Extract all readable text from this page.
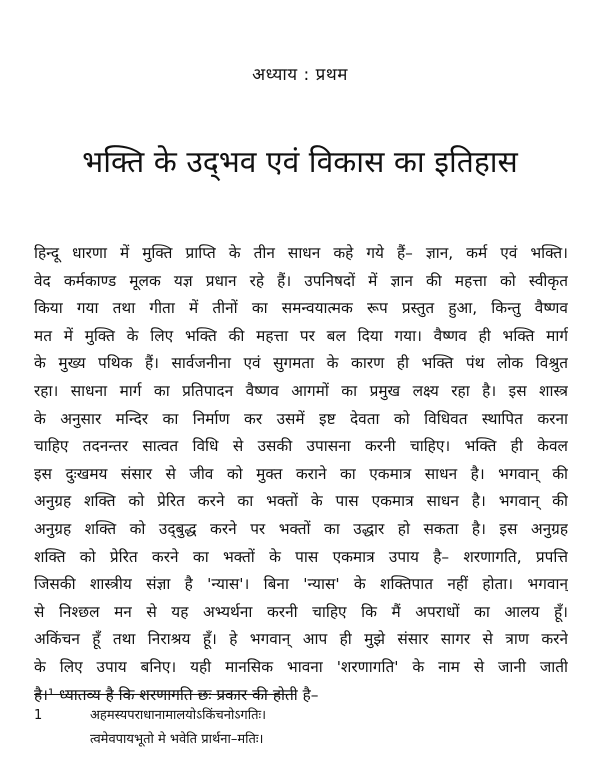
अध्याय : प्रथम
भक्ति के उद्‌भव एवं विकास का इतिहास
हिन्दू धारणा में मुक्ति प्राप्ति के तीन साधन कहे गये हैं– ज्ञान, कर्म एवं भक्ति।
वेद कर्मकाण्ड मूलक यज्ञ प्रधान रहे हैं। उपनिषदों में ज्ञान की महत्ता को स्वीकृत
किया गया तथा गीता में तीनों का समन्वयात्मक रूप प्रस्तुत हुआ, किन्तु वैष्णव
मत में मुक्ति के लिए भक्ति की महत्ता पर बल दिया गया। वैष्णव ही भक्ति मार्ग
के मुख्य पथिक हैं। सार्वजनीना एवं सुगमता के कारण ही भक्ति पंथ लोक विश्रुत
रहा। साधना मार्ग का प्रतिपादन वैष्णव आगमों का प्रमुख लक्ष्य रहा है। इस शास्त्र
के अनुसार मन्दिर का निर्माण कर उसमें इष्ट देवता को विधिवत स्थापित करना
चाहिए तदनन्तर सात्वत विधि से उसकी उपासना करनी चाहिए। भक्ति ही केवल
इस दुःखमय संसार से जीव को मुक्त कराने का एकमात्र साधन है। भगवान् की
अनुग्रह शक्ति को प्रेरित करने का भक्तों के पास एकमात्र साधन है। भगवान् की
अनुग्रह शक्ति को उद्‌बुद्ध करने पर भक्तों का उद्धार हो सकता है। इस अनुग्रह
शक्ति को प्रेरित करने का भक्तों के पास एकमात्र उपाय है– शरणागति, प्रपत्ति
जिसकी शास्त्रीय संज्ञा है 'न्यास'। बिना 'न्यास' के शक्तिपात नहीं होता। भगवान्
से निश्छल मन से यह अभ्यर्थना करनी चाहिए कि मैं अपराधों का आलय हूँ।
अकिंचन हूँ तथा निराश्रय हूँ। हे भगवान् आप ही मुझे संसार सागर से त्राण करने
के लिए उपाय बनिए। यही मानसिक भावना 'शरणागति' के नाम से जानी जाती
है।¹ ध्यातव्य है कि शरणागति छः प्रकार की होती है–
1	अहमस्यपराधानामालयोऽकिंचनोऽगतिः।
त्वमेवपायभूतो मे भवेति प्रार्थना–मतिः।
